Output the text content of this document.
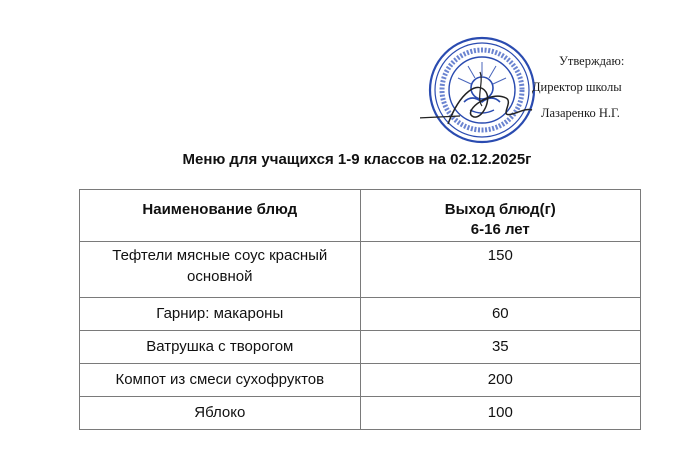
Утверждаю:
Директор школы
Лазаренко Н.Г.
Меню для учащихся 1-9 классов на 02.12.2025г
Наименование блюд	Выход блюд(г)
6-16 лет

Тефтели мясные соус красный основной	150
Гарнир: макароны	60
Ватрушка с творогом	35
Компот из смеси сухофруктов	200
Яблоко	100
